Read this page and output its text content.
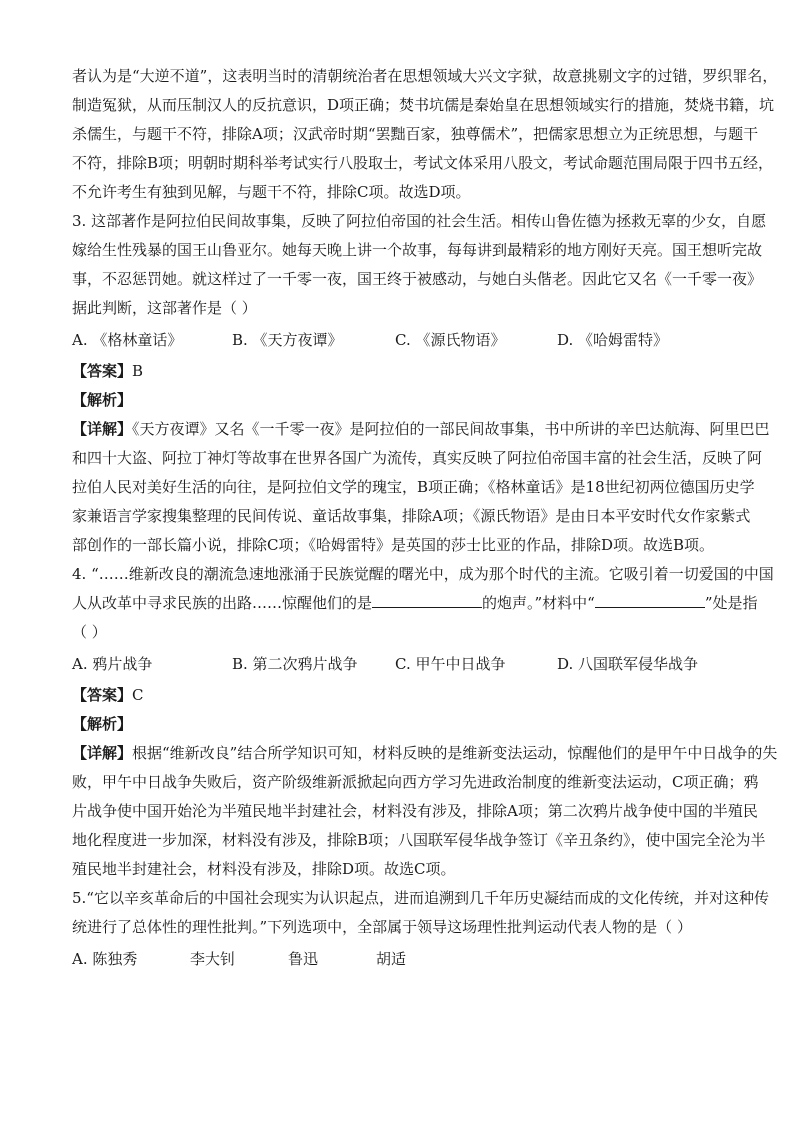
者认为是“大逆不道”，这表明当时的清朝统治者在思想领域大兴文字狱，故意挑剔文字的过错，罗织罪名，
制造冤狱，从而压制汉人的反抗意识，D项正确；焚书坑儒是秦始皇在思想领域实行的措施，焚烧书籍，坑
杀儒生，与题干不符，排除A项；汉武帝时期“罢黜百家，独尊儒术”，把儒家思想立为正统思想，与题干
不符，排除B项；明朝时期科举考试实行八股取士，考试文体采用八股文，考试命题范围局限于四书五经，
不允许考生有独到见解，与题干不符，排除C项。故选D项。
3. 这部著作是阿拉伯民间故事集，反映了阿拉伯帝国的社会生活。相传山鲁佐德为拯救无辜的少女，自愿
嫁给生性残暴的国王山鲁亚尔。她每天晚上讲一个故事，每每讲到最精彩的地方刚好天亮。国王想听完故
事，不忍惩罚她。就这样过了一千零一夜，国王终于被感动，与她白头偕老。因此它又名《一千零一夜》
据此判断，这部著作是（ ）
A. 《格林童话》	B. 《天方夜谭》	C. 《源氏物语》	D. 《哈姆雷特》
【答案】B
【解析】
【详解】《天方夜谭》又名《一千零一夜》是阿拉伯的一部民间故事集，书中所讲的辛巴达航海、阿里巴巴
和四十大盗、阿拉丁神灯等故事在世界各国广为流传，真实反映了阿拉伯帝国丰富的社会生活，反映了阿
拉伯人民对美好生活的向往，是阿拉伯文学的瑰宝，B项正确；《格林童话》是18世纪初两位德国历史学
家兼语言学家搜集整理的民间传说、童话故事集，排除A项；《源氏物语》是由日本平安时代女作家紫式
部创作的一部长篇小说，排除C项；《哈姆雷特》是英国的莎士比亚的作品，排除D项。故选B项。
4. “……维新改良的潮流急速地涨涌于民族觉醒的曙光中，成为那个时代的主流。它吸引着一切爱国的中国
人从改革中寻求民族的出路……惊醒他们的是	的炮声。”材料中“	”处是指
（ ）
A. 鸦片战争	B. 第二次鸦片战争	C. 甲午中日战争	D. 八国联军侵华战争
【答案】C
【解析】
【详解】根据“维新改良”结合所学知识可知，材料反映的是维新变法运动，惊醒他们的是甲午中日战争的失
败，甲午中日战争失败后，资产阶级维新派掀起向西方学习先进政治制度的维新变法运动，C项正确；鸦
片战争使中国开始沦为半殖民地半封建社会，材料没有涉及，排除A项；第二次鸦片战争使中国的半殖民
地化程度进一步加深，材料没有涉及，排除B项；八国联军侵华战争签订《辛丑条约》，使中国完全沦为半
殖民地半封建社会，材料没有涉及，排除D项。故选C项。
5.“它以辛亥革命后的中国社会现实为认识起点，进而追溯到几千年历史凝结而成的文化传统，并对这种传
统进行了总体性的理性批判。”下列选项中，全部属于领导这场理性批判运动代表人物的是（ ）
A. 陈独秀	李大钊	鲁迅	胡适
